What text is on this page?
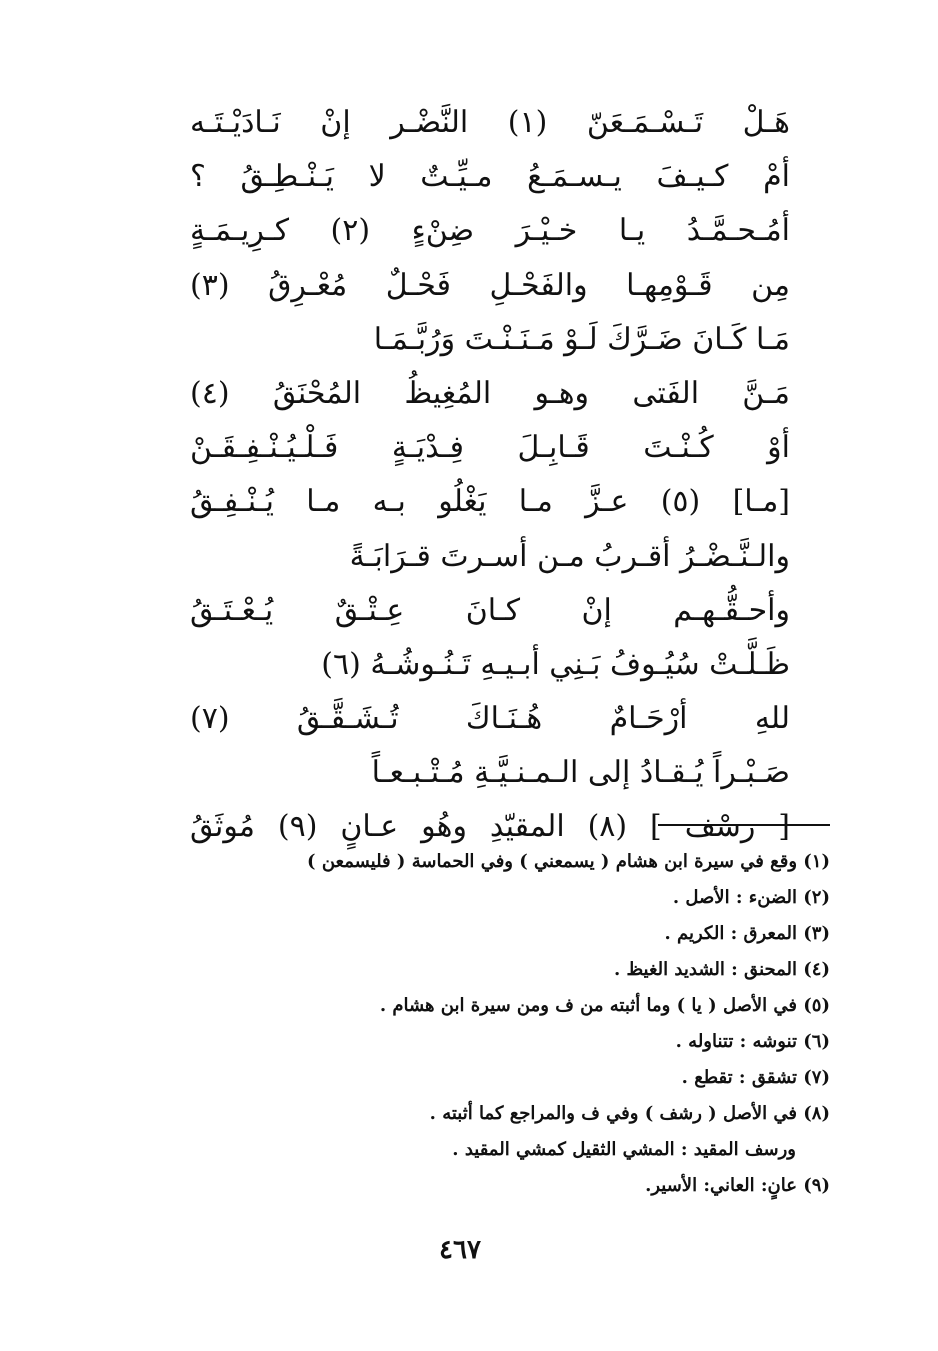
هَـلْ تَـسْـمَـعَنّ (١) النَّضْـر إنْ نَـادَيْـتَـه
أمْ كـيـفَ يـسـمَـعُ مـيِّـتٌ لا يَـنْـطِـقُ ؟
أمُـحـمَّـدُ يـا خـيْـرَ ضِنْءٍ (٢) كـرِيـمَـةٍ
مِن قَـوْمِهـا والفَحْـلِ فَحْـلٌ مُعْـرِقُ (٣)
مَـا كَـانَ ضَـرَّكَ لَـوْ مَـنَـنْـتَ وَرُبَّـمَـا
مَـنَّ الفَتى وهـو المُغِيظُ المُحْنَقُ (٤)
أوْ كُـنْـتَ قَـابِـلَ فِـدْيَـةٍ فَـلْـيُـنْـفِـقَـنْ
[مـا] (٥) عـزَّ مـا يَغْلُو بـه مـا يُـنْـفِـقُ
والـنَّـضْـرُ أقـربُ مـن أسـرتَ قـرَابَـةً
وأحـقُّـهـم إنْ كـانَ عِـتْـقٌ يُـعْـتَـقُ
ظَـلَّـتْ سُيُـوفُ بَـنِي أبـيـهِ تَـنُـوشُـهُ (٦)
للهِ أرْحَـامٌ هُـنَـاكَ تُـشَـقَّـقُ (٧)
صَـبْـراً يُـقـادُ إلى الـمـنـيَّـةِ مُـتْـبـعـاً
[ رسْف ] (٨) المقيّدِ وهُو عـانٍ (٩) مُوثَقُ
(١) وقع في سيرة ابن هشام ( يسمعني ) وفي الحماسة ( فليسمعن )
(٢) الضنء : الأصل .
(٣) المعرق : الكريم .
(٤) المحنق : الشديد الغيظ .
(٥) في الأصل ( يا ) وما أثبته من ف ومن سيرة ابن هشام .
(٦) تنوشه : تتناوله .
(٧) تشقق : تقطع .
(٨) في الأصل ( رشف ) وفي ف والمراجع كما أثبته .
ورسف المقيد : المشي الثقيل كمشي المقيد .
(٩) عانٍ: العاني: الأسير.
٤٦٧
